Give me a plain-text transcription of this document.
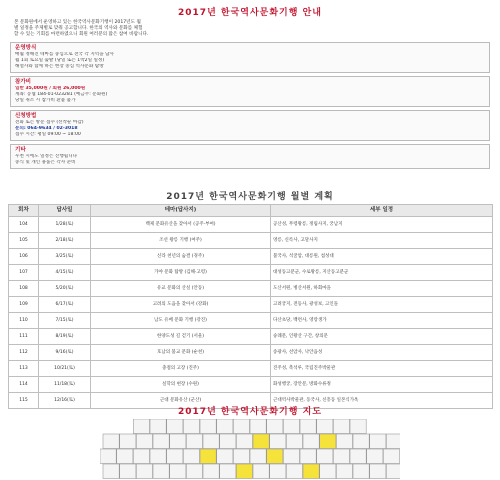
2017년 한국역사문화기행 안내
본 문화원에서 운영하고 있는 한국역사문화기행이 2017년도 월
별 일정을 주제별로 맞춰 공고합니다. 한국의 역사와 문화를 체험
할 수 있는 기회를 마련하였으니 회원 여러분의 많은 참여 바랍니다.
운영방식
매월 정해진 테마를 중심으로 전국 각 지역을 답사
월 1회 토요일 출발 (당일 또는 1박2일 일정)
해설사와 함께 하는 현장 중심 역사문화 탐방
참가비
일반 35,000원 / 회원 26,000원
계좌: 농협 184-01-023281 (예금주: 문화원)
당일 취소 시 참가비 환불 불가
신청방법
전화 또는 방문 접수 (선착순 마감)
문의: 064-9634 / 02-3018
접수 시간: 평일 09:00 ~ 18:00
기타
우천 시에도 일정은 진행됩니다
중식 및 개인 용품은 각자 준비
2017년 한국역사문화기행 월별 계획
회차	답사일	테마(답사지)	세부 일정
104	1/28(토)	백제 문화유산을 찾아서 (공주·부여)	공산성, 무령왕릉, 정림사지, 궁남지
105	2/18(토)	조선 왕릉 기행 (여주)	영릉, 신륵사, 고달사지
106	3/25(토)	신라 천년의 숨결 (경주)	불국사, 석굴암, 대릉원, 첨성대
107	4/15(토)	가야 문화 탐방 (김해·고령)	대성동고분군, 수로왕릉, 지산동고분군
108	5/20(토)	유교 문화의 산실 (안동)	도산서원, 병산서원, 하회마을
109	6/17(토)	고려의 도읍을 찾아서 (강화)	고려궁지, 전등사, 광성보, 고인돌
110	7/15(토)	남도 유배 문화 기행 (강진)	다산초당, 백련사, 영랑생가
111	8/19(토)	한양도성 길 걷기 (서울)	숭례문, 인왕산 구간, 창의문
112	9/16(토)	호남의 불교 문화 (순천)	송광사, 선암사, 낙안읍성
113	10/21(토)	충절의 고장 (진주)	진주성, 촉석루, 국립진주박물관
114	11/18(토)	실학의 현장 (수원)	화성행궁, 장안문, 방화수류정
115	12/16(토)	근대 문화유산 (군산)	근대역사박물관, 동국사, 신흥동 일본식가옥
2017년 한국역사문화기행 지도
